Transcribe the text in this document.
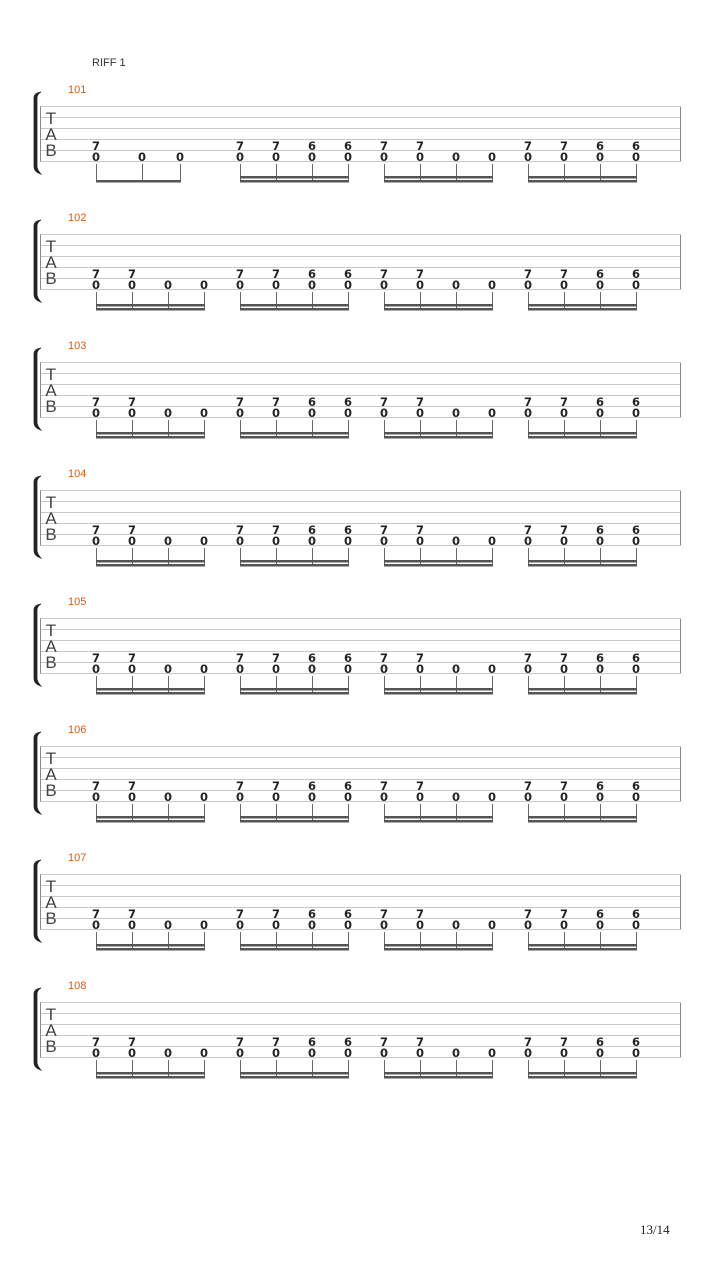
RIFF 1
101
T
A
B	7
0	0	0
7
0
7
0
6
0
6
0
7
0
7
0 0 0
7
0
7
0
6
0
6
0
102
T
A
B	7
0
7
0 0 0
7
0
7
0
6
0
6
0
7
0
7
0 0 0
7
0
7
0
6
0
6
0
103
T
A
B	7
0
7
0 0 0
7
0
7
0
6
0
6
0
7
0
7
0 0 0
7
0
7
0
6
0
6
0
104
T
A
B	7
0
7
0 0 0
7
0
7
0
6
0
6
0
7
0
7
0 0 0
7
0
7
0
6
0
6
0
105
T
A
B	7
0
7
0 0 0
7
0
7
0
6
0
6
0
7
0
7
0 0 0
7
0
7
0
6
0
6
0
106
T
A
B	7
0
7
0 0 0
7
0
7
0
6
0
6
0
7
0
7
0 0 0
7
0
7
0
6
0
6
0
107
T
A
B	7
0
7
0 0 0
7
0
7
0
6
0
6
0
7
0
7
0 0 0
7
0
7
0
6
0
6
0
108
T
A
B	7
0
7
0 0 0
7
0
7
0
6
0
6
0
7
0
7
0 0 0
7
0
7
0
6
0
6
0
13/14
